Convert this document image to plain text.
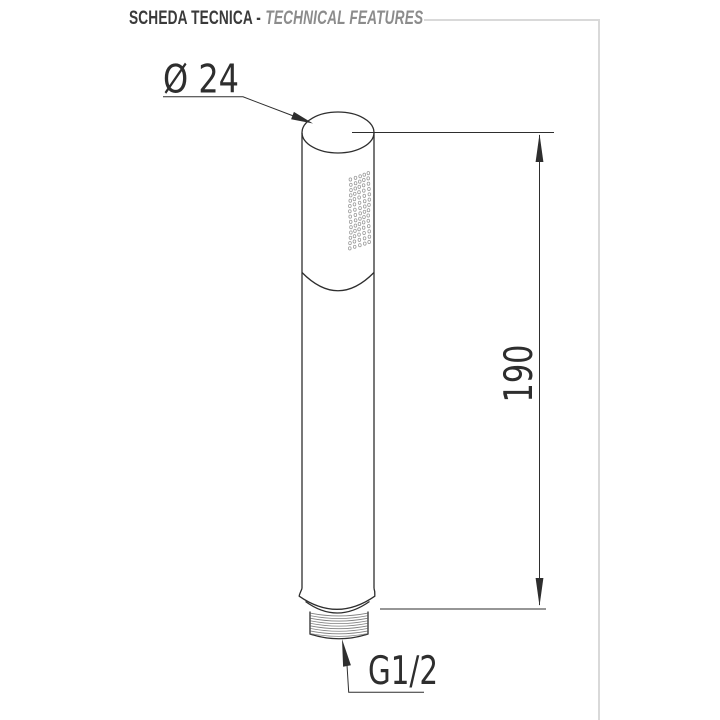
SCHEDA TECNICA - TECHNICAL FEATURES
Ø 24
190
G1/2
